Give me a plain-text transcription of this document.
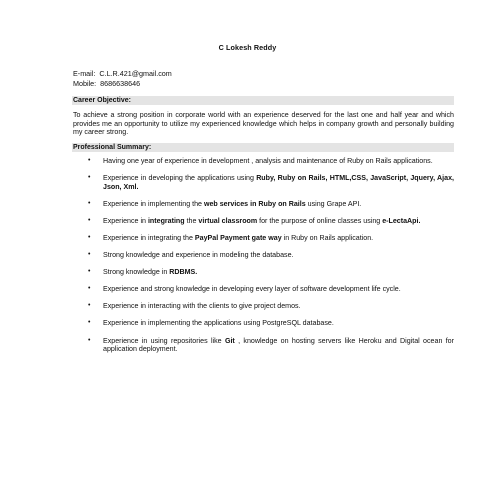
C Lokesh Reddy
E-mail: C.L.R.421@gmail.com
Mobile: 8686638646
Career Objective:
To achieve a strong position in corporate world with an experience deserved for the last one and half year and which provides me an opportunity to utilize my experienced knowledge which helps in company growth and personally building my career strong.
Professional Summary:
• Having one year of experience in development , analysis and maintenance of Ruby on Rails applications.
• Experience in developing the applications using Ruby, Ruby on Rails, HTML,CSS, JavaScript, Jquery, Ajax, Json, Xml.
• Experience in implementing the web services in Ruby on Rails using Grape API.
• Experience in integrating the virtual classroom for the purpose of online classes using e-LectaApi.
• Experience in integrating the PayPal Payment gate way in Ruby on Rails application.
• Strong knowledge and experience in modeling the database.
• Strong knowledge in RDBMS.
• Experience and strong knowledge in developing every layer of software development life cycle.
• Experience in interacting with the clients to give project demos.
• Experience in implementing the applications using PostgreSQL database.
• Experience in using repositories like Git , knowledge on hosting servers like Heroku and Digital ocean for application deployment.
